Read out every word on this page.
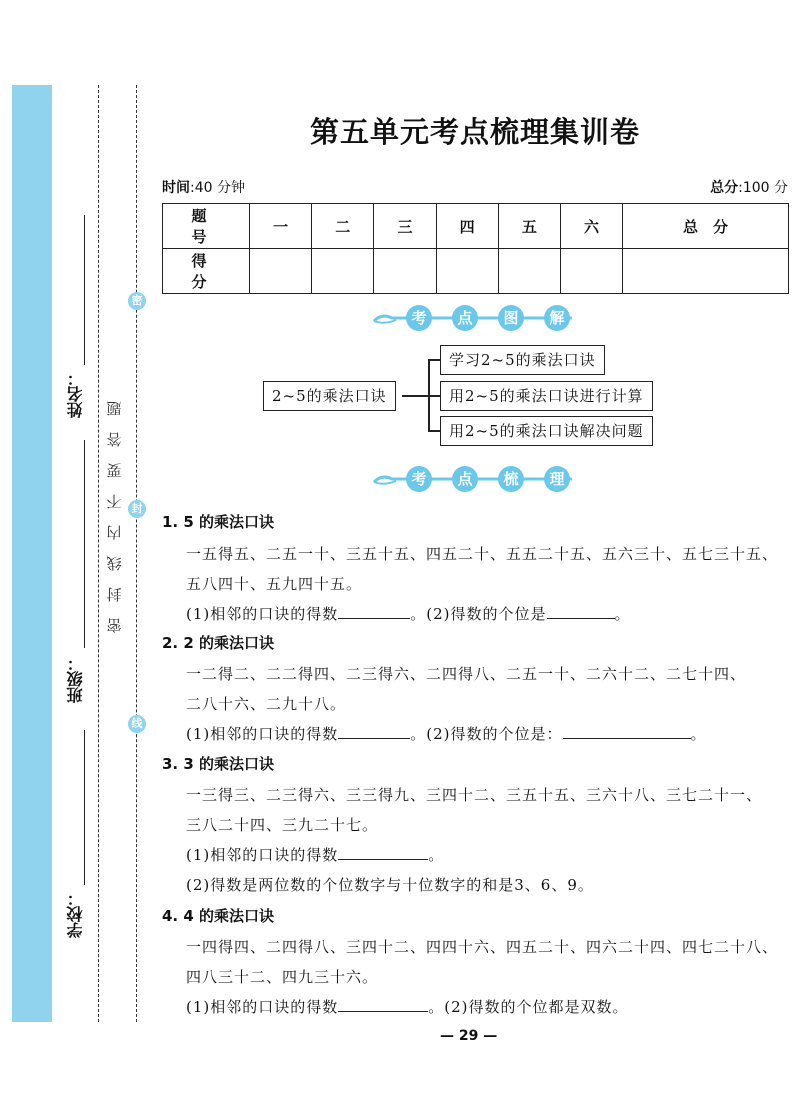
学校：
班级：
姓名：
密
封
线
密
封
线
内
不
要
答
题
第五单元考点梳理集训卷
时间:40 分钟	总分:100 分
题　号	一	二	三	四	五	六	总　分
得　分							
考	点	图	解
2~5的乘法口诀
学习2~5的乘法口诀
用2~5的乘法口诀进行计算
用2~5的乘法口诀解决问题
考	点	梳	理
1. 5 的乘法口诀
一五得五、二五一十、三五十五、四五二十、五五二十五、五六三十、五七三十五、
五八四十、五九四十五。
(1)相邻的口诀的得数	。(2)得数的个位是	。
2. 2 的乘法口诀
一二得二、二二得四、二三得六、二四得八、二五一十、二六十二、二七十四、
二八十六、二九十八。
(1)相邻的口诀的得数	。(2)得数的个位是：	。
3. 3 的乘法口诀
一三得三、二三得六、三三得九、三四十二、三五十五、三六十八、三七二十一、
三八二十四、三九二十七。
(1)相邻的口诀的得数	。
(2)得数是两位数的个位数字与十位数字的和是3、6、9。
4. 4 的乘法口诀
一四得四、二四得八、三四十二、四四十六、四五二十、四六二十四、四七二十八、
四八三十二、四九三十六。
(1)相邻的口诀的得数	。(2)得数的个位都是双数。
— 29 —
